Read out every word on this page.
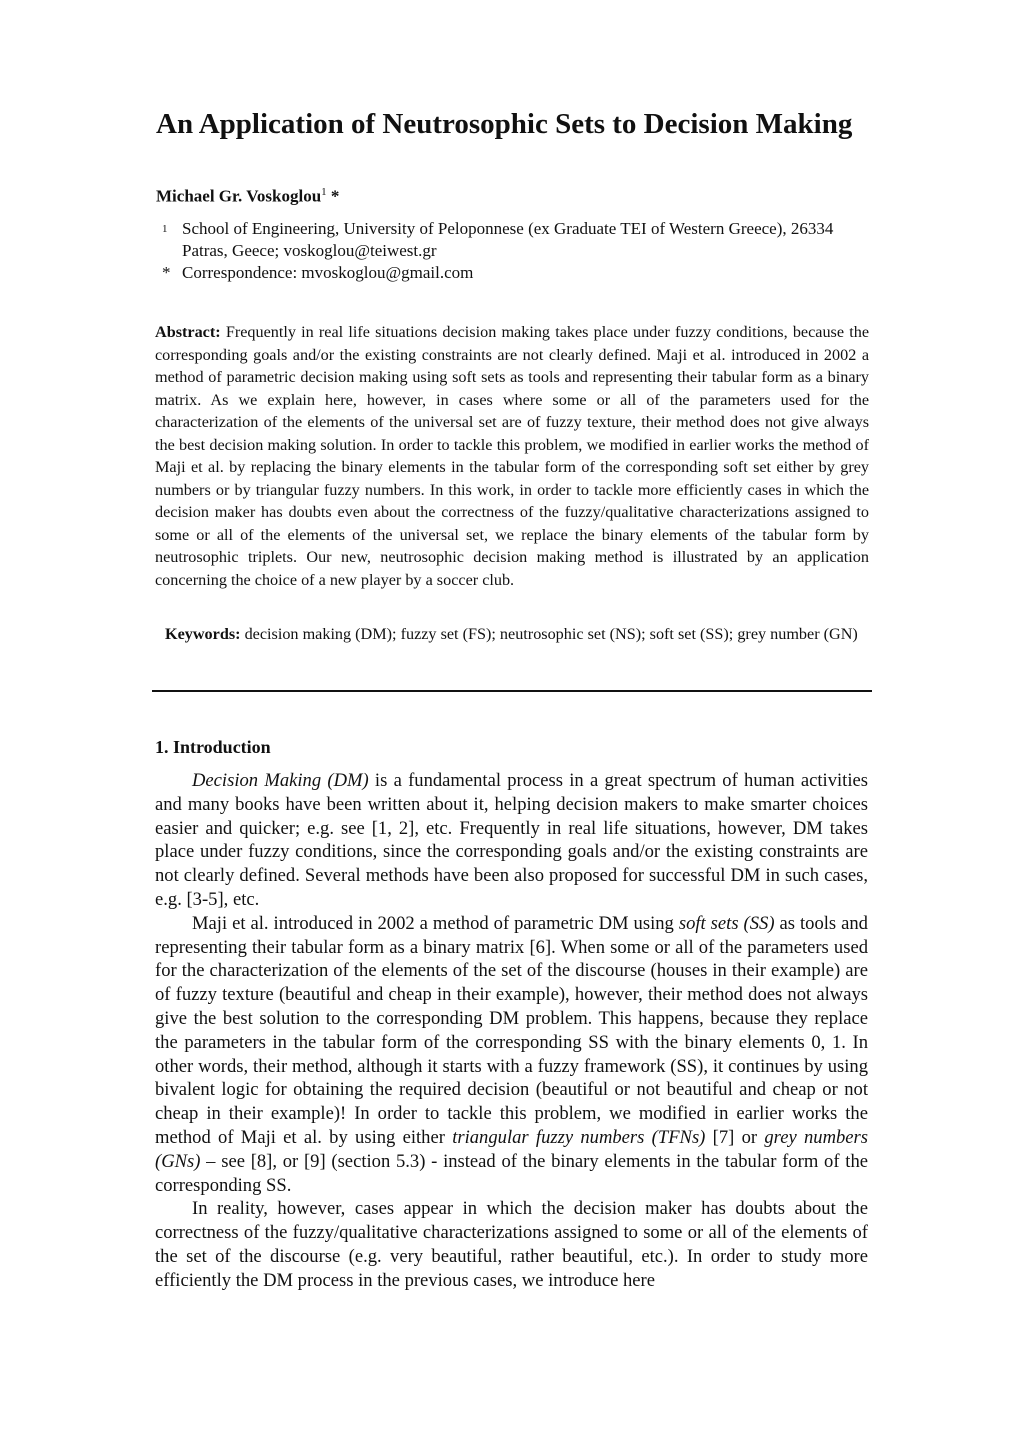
An Application of Neutrosophic Sets to Decision Making

Michael Gr. Voskoglou$^1$ *

1 School of Engineering, University of Peloponnese (ex Graduate TEI of Western Greece), 26334 Patras, Geece; voskoglou@teiwest.gr
* Correspondence: mvoskoglou@gmail.com

Abstract: Frequently in real life situations decision making takes place under fuzzy conditions, because the corresponding goals and/or the existing constraints are not clearly defined. Maji et al. introduced in 2002 a method of parametric decision making using soft sets as tools and representing their tabular form as a binary matrix. As we explain here, however, in cases where some or all of the parameters used for the characterization of the elements of the universal set are of fuzzy texture, their method does not give always the best decision making solution. In order to tackle this problem, we modified in earlier works the method of Maji et al. by replacing the binary elements in the tabular form of the corresponding soft set either by grey numbers or by triangular fuzzy numbers. In this work, in order to tackle more efficiently cases in which the decision maker has doubts even about the correctness of the fuzzy/qualitative characterizations assigned to some or all of the elements of the universal set, we replace the binary elements of the tabular form by neutrosophic triplets. Our new, neutrosophic decision making method is illustrated by an application concerning the choice of a new player by a soccer club.

Keywords: decision making (DM); fuzzy set (FS); neutrosophic set (NS); soft set (SS); grey number (GN)

1. Introduction

Decision Making (DM) is a fundamental process in a great spectrum of human activities and many books have been written about it, helping decision makers to make smarter choices easier and quicker; e.g. see [1, 2], etc. Frequently in real life situations, however, DM takes place under fuzzy conditions, since the corresponding goals and/or the existing constraints are not clearly defined. Several methods have been also proposed for successful DM in such cases, e.g. [3-5], etc.

Maji et al. introduced in 2002 a method of parametric DM using soft sets (SS) as tools and representing their tabular form as a binary matrix [6]. When some or all of the parameters used for the characterization of the elements of the set of the discourse (houses in their example) are of fuzzy texture (beautiful and cheap in their example), however, their method does not always give the best solution to the corresponding DM problem. This happens, because they replace the parameters in the tabular form of the corresponding SS with the binary elements 0, 1. In other words, their method, although it starts with a fuzzy framework (SS), it continues by using bivalent logic for obtaining the required decision (beautiful or not beautiful and cheap or not cheap in their example)! In order to tackle this problem, we modified in earlier works the method of Maji et al. by using either triangular fuzzy numbers (TFNs) [7] or grey numbers (GNs) – see [8], or [9] (section 5.3) - instead of the binary elements in the tabular form of the corresponding SS.

In reality, however, cases appear in which the decision maker has doubts about the correctness of the fuzzy/qualitative characterizations assigned to some or all of the elements of the set of the discourse (e.g. very beautiful, rather beautiful, etc.). In order to study more efficiently the DM process in the previous cases, we introduce here
